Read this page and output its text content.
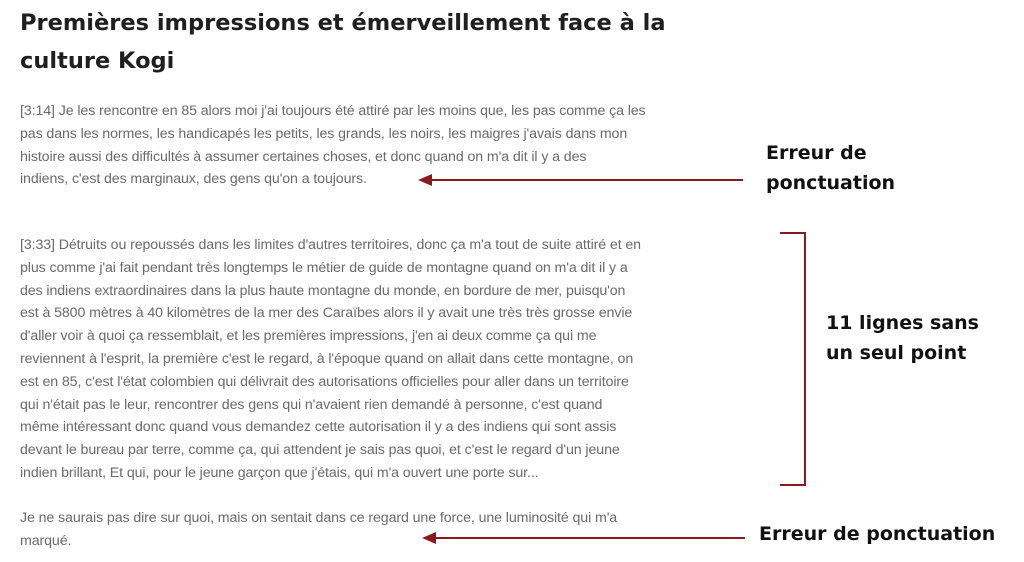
Premières impressions et émerveillement face à la
culture Kogi

[3:14] Je les rencontre en 85 alors moi j'ai toujours été attiré par les moins que, les pas comme ça les
pas dans les normes, les handicapés les petits, les grands, les noirs, les maigres j'avais dans mon
histoire aussi des difficultés à assumer certaines choses, et donc quand on m'a dit il y a des
indiens, c'est des marginaux, des gens qu'on a toujours.

[3:33] Détruits ou repoussés dans les limites d'autres territoires, donc ça m'a tout de suite attiré et en
plus comme j'ai fait pendant très longtemps le métier de guide de montagne quand on m'a dit il y a
des indiens extraordinaires dans la plus haute montagne du monde, en bordure de mer, puisqu'on
est à 5800 mètres à 40 kilomètres de la mer des Caraïbes alors il y avait une très très grosse envie
d'aller voir à quoi ça ressemblait, et les premières impressions, j'en ai deux comme ça qui me
reviennent à l'esprit, la première c'est le regard, à l'époque quand on allait dans cette montagne, on
est en 85, c'est l'état colombien qui délivrait des autorisations officielles pour aller dans un territoire
qui n'était pas le leur, rencontrer des gens qui n'avaient rien demandé à personne, c'est quand
même intéressant donc quand vous demandez cette autorisation il y a des indiens qui sont assis
devant le bureau par terre, comme ça, qui attendent je sais pas quoi, et c'est le regard d'un jeune
indien brillant, Et qui, pour le jeune garçon que j'étais, qui m'a ouvert une porte sur...

Je ne saurais pas dire sur quoi, mais on sentait dans ce regard une force, une luminosité qui m'a
marqué.

Erreur de
ponctuation
11 lignes sans
un seul point
Erreur de ponctuation
